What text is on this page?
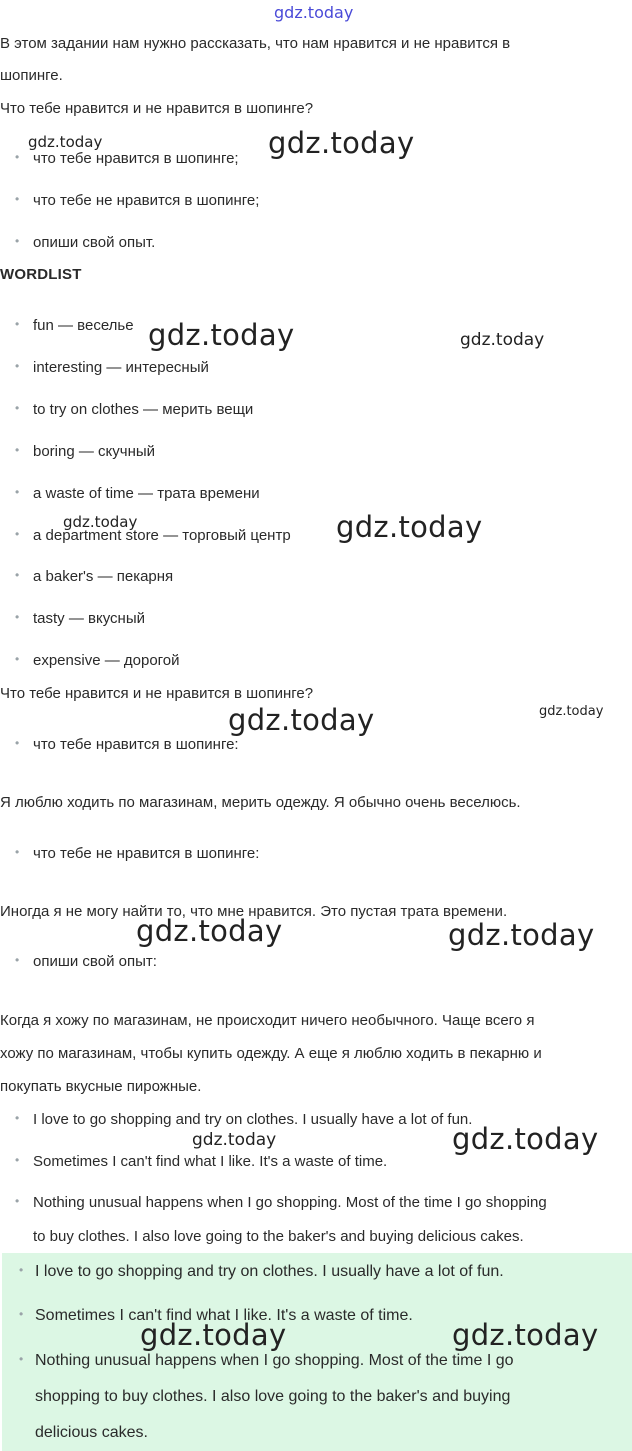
gdz.today
В этом задании нам нужно рассказать, что нам нравится и не нравится в
шопинге.
Что тебе нравится и не нравится в шопинге?
• что тебе нравится в шопинге;
• что тебе не нравится в шопинге;
• опиши свой опыт.
WORDLIST
• fun — веселье
• interesting — интересный
• to try on clothes — мерить вещи
• boring — скучный
• a waste of time — трата времени
• a department store — торговый центр
• a baker's — пекарня
• tasty — вкусный
• expensive — дорогой
Что тебе нравится и не нравится в шопинге?
• что тебе нравится в шопинге:
Я люблю ходить по магазинам, мерить одежду. Я обычно очень веселюсь.
• что тебе не нравится в шопинге:
Иногда я не могу найти то, что мне нравится. Это пустая трата времени.
• опиши свой опыт:
Когда я хожу по магазинам, не происходит ничего необычного. Чаще всего я
хожу по магазинам, чтобы купить одежду. А еще я люблю ходить в пекарню и
покупать вкусные пирожные.
• I love to go shopping and try on clothes. I usually have a lot of fun.
• Sometimes I can't find what I like. It's a waste of time.
• Nothing unusual happens when I go shopping. Most of the time I go shopping
to buy clothes. I also love going to the baker's and buying delicious cakes.
• I love to go shopping and try on clothes. I usually have a lot of fun.
• Sometimes I can't find what I like. It's a waste of time.
• Nothing unusual happens when I go shopping. Most of the time I go
shopping to buy clothes. I also love going to the baker's and buying
delicious cakes.
gdz.today	gdz.today
gdz.today	gdz.today
gdz.today	gdz.today
gdz.today	gdz.today
gdz.today	gdz.today
gdz.today	gdz.today
gdz.today	gdz.today
